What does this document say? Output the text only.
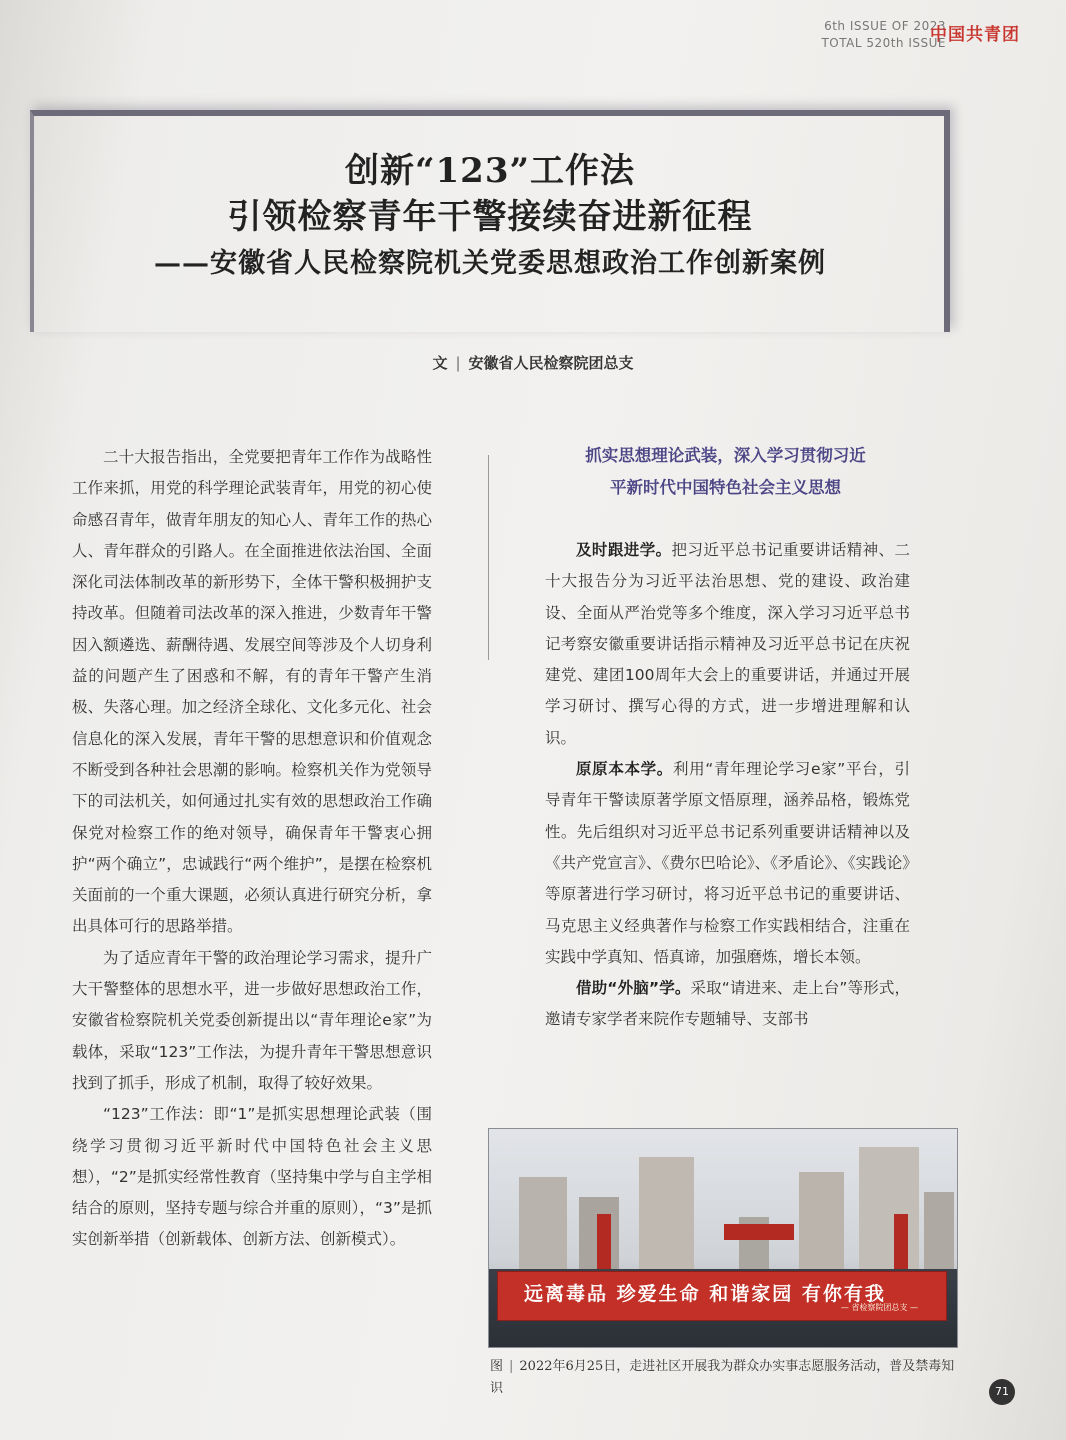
6th ISSUE OF 2023
TOTAL 520th ISSUE
中国共青团
创新“123”工作法
引领检察青年干警接续奋进新征程
——安徽省人民检察院机关党委思想政治工作创新案例
文 | 安徽省人民检察院团总支

二十大报告指出，全党要把青年工作作为战略性工作来抓，用党的科学理论武装青年，用党的初心使命感召青年，做青年朋友的知心人、青年工作的热心人、青年群众的引路人。在全面推进依法治国、全面深化司法体制改革的新形势下，全体干警积极拥护支持改革。但随着司法改革的深入推进，少数青年干警因入额遴选、薪酬待遇、发展空间等涉及个人切身利益的问题产生了困惑和不解，有的青年干警产生消极、失落心理。加之经济全球化、文化多元化、社会信息化的深入发展，青年干警的思想意识和价值观念不断受到各种社会思潮的影响。检察机关作为党领导下的司法机关，如何通过扎实有效的思想政治工作确保党对检察工作的绝对领导，确保青年干警衷心拥护“两个确立”，忠诚践行“两个维护”，是摆在检察机关面前的一个重大课题，必须认真进行研究分析，拿出具体可行的思路举措。

为了适应青年干警的政治理论学习需求，提升广大干警整体的思想水平，进一步做好思想政治工作，安徽省检察院机关党委创新提出以“青年理论e家”为载体，采取“123”工作法，为提升青年干警思想意识找到了抓手，形成了机制，取得了较好效果。

“123”工作法：即“1”是抓实思想理论武装（围绕学习贯彻习近平新时代中国特色社会主义思想），“2”是抓实经常性教育（坚持集中学与自主学相结合的原则，坚持专题与综合并重的原则），“3”是抓实创新举措（创新载体、创新方法、创新模式）。

抓实思想理论武装，深入学习贯彻习近
平新时代中国特色社会主义思想

及时跟进学。把习近平总书记重要讲话精神、二十大报告分为习近平法治思想、党的建设、政治建设、全面从严治党等多个维度，深入学习习近平总书记考察安徽重要讲话指示精神及习近平总书记在庆祝建党、建团100周年大会上的重要讲话，并通过开展学习研讨、撰写心得的方式，进一步增进理解和认识。

原原本本学。利用“青年理论学习e家”平台，引导青年干警读原著学原文悟原理，涵养品格，锻炼党性。先后组织对习近平总书记系列重要讲话精神以及《共产党宣言》、《费尔巴哈论》、《矛盾论》、《实践论》等原著进行学习研讨，将习近平总书记的重要讲话、马克思主义经典著作与检察工作实践相结合，注重在实践中学真知、悟真谛，加强磨炼，增长本领。

借助“外脑”学。采取“请进来、走上台”等形式，邀请专家学者来院作专题辅导、支部书

远离毒品 珍爱生命 和谐家园 有你有我
— 省检察院团总支 —
图 | 2022年6月25日，走进社区开展我为群众办实事志愿服务活动，普及禁毒知识	71
